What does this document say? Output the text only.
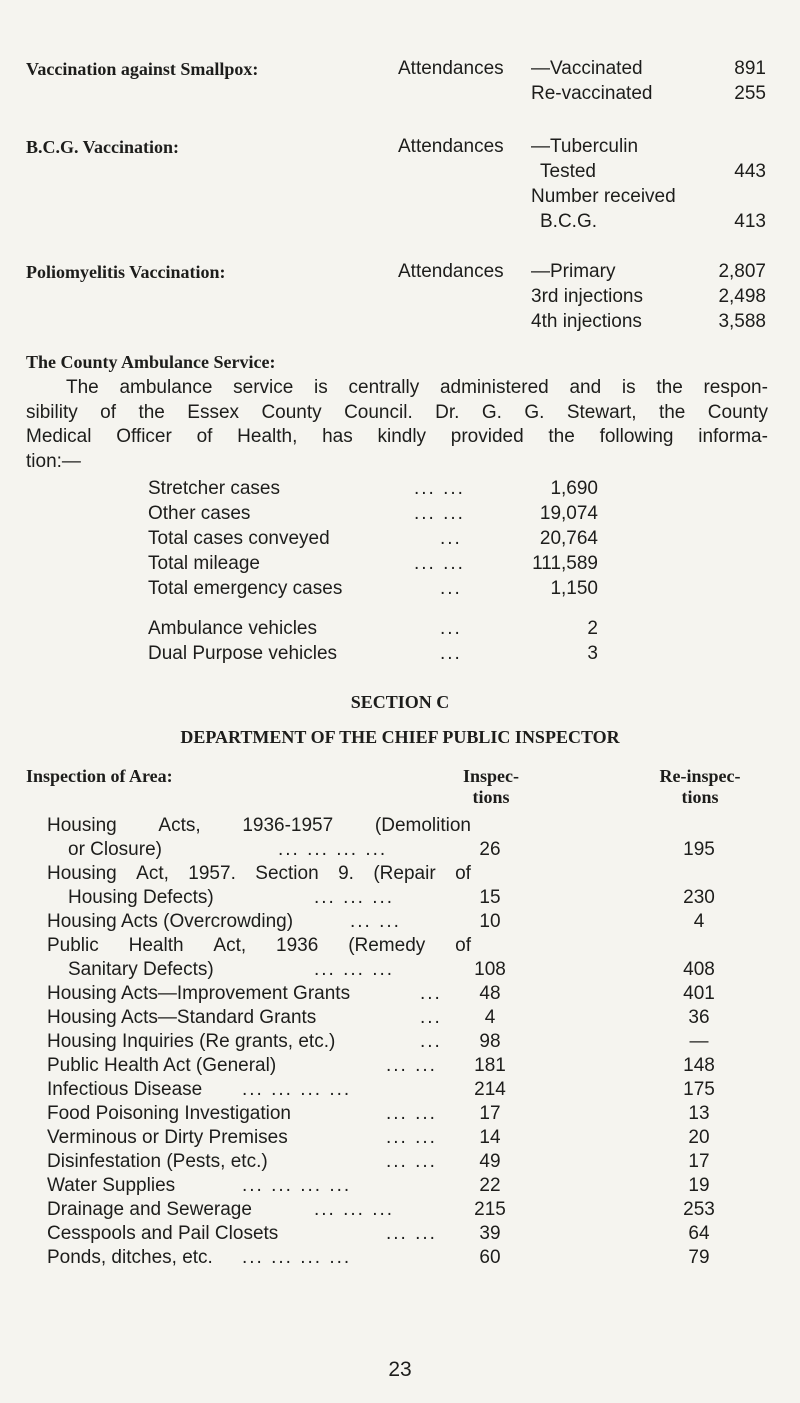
Vaccination against Smallpox:	Attendances —Vaccinated	891
Re-vaccinated	255
B.C.G. Vaccination:	Attendances —Tuberculin
Tested	443
Number received
B.C.G.	413
Poliomyelitis Vaccination:	Attendances —Primary	2,807
3rd injections	2,498
4th injections	3,588
The County Ambulance Service:
The ambulance service is centrally administered and is the respon-
sibility of the Essex County Council. Dr. G. G. Stewart, the County
Medical Officer of Health, has kindly provided the following informa-
tion:—
Stretcher cases	... ...	1,690
Other cases	... ...	19,074
Total cases conveyed	...	20,764
Total mileage	... ...	111,589
Total emergency cases	...	1,150
Ambulance vehicles	...	2
Dual Purpose vehicles	...	3
SECTION C
DEPARTMENT OF THE CHIEF PUBLIC INSPECTOR
Inspection of Area:	Inspec-
tions
Re-inspec-
tions
Housing Acts, 1936-1957 (Demolition
or Closure)	... ... ... ...	26	195
Housing Act, 1957. Section 9. (Repair of
Housing Defects)	... ... ...	15	230
Housing Acts (Overcrowding)	... ...	10	4
Public Health Act, 1936 (Remedy of
Sanitary Defects)	... ... ...	108	408
Housing Acts—Improvement Grants	...	48	401
Housing Acts—Standard Grants	...	4	36
Housing Inquiries (Re grants, etc.)	...	98	—
Public Health Act (General)	... ...	181	148
Infectious Disease ... ... ... ...	214	175
Food Poisoning Investigation	... ...	17	13
Verminous or Dirty Premises	... ...	14	20
Disinfestation (Pests, etc.)	... ...	49	17
Water Supplies	... ... ... ...	22	19
Drainage and Sewerage	... ... ...	215	253
Cesspools and Pail Closets	... ...	39	64
Ponds, ditches, etc. ... ... ... ...	60	79
23
